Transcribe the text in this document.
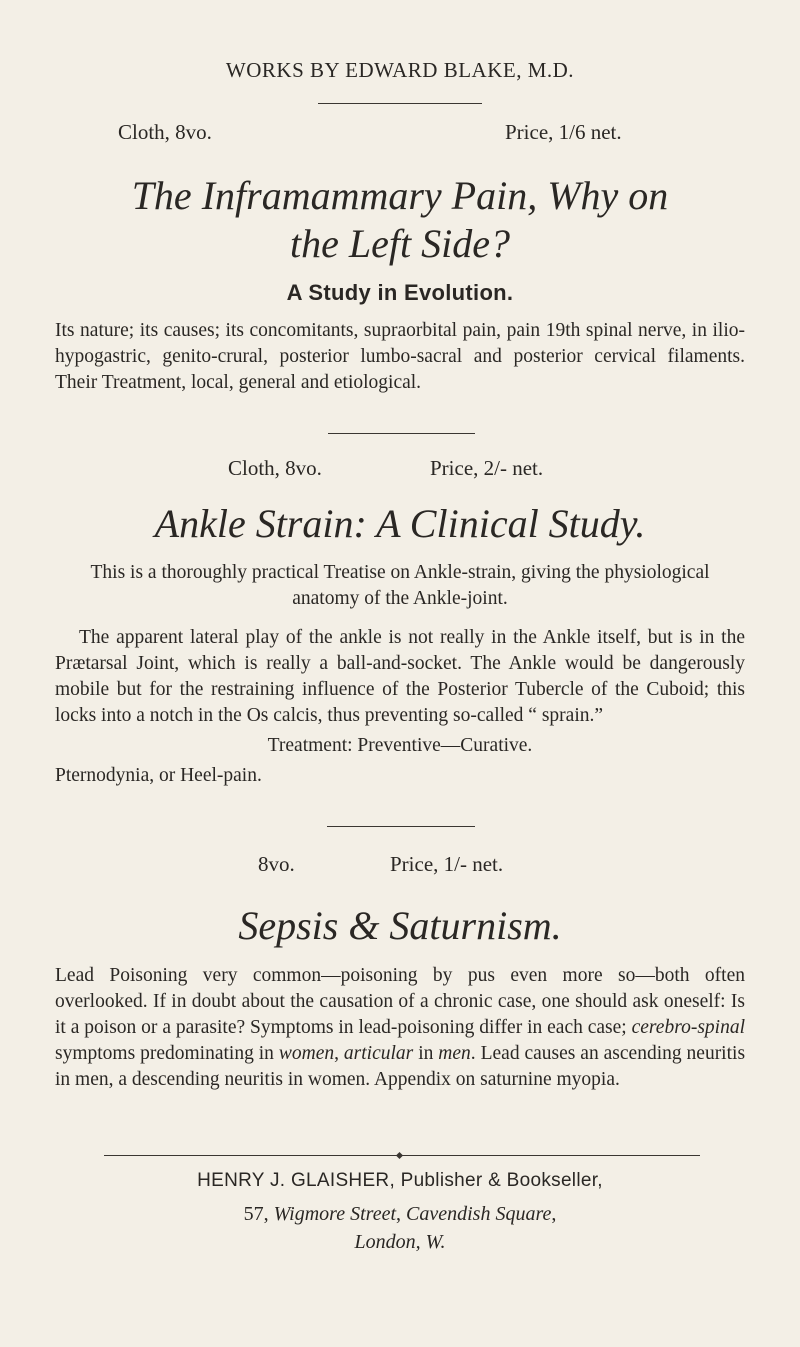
WORKS BY EDWARD BLAKE, M.D.
Cloth, 8vo.	Price, 1/6 net.
The Inframammary Pain, Why on
the Left Side?
A Study in Evolution.
Its nature; its causes; its concomitants, supraorbital pain, pain 19th spinal nerve, in ilio-hypogastric, genito-crural, posterior lumbo-sacral and posterior cervical filaments. Their Treatment, local, general and etiological.
Cloth, 8vo.	Price, 2/- net.
Ankle Strain: A Clinical Study.
This is a thoroughly practical Treatise on Ankle-strain, giving the physiological anatomy of the Ankle-joint.
The apparent lateral play of the ankle is not really in the Ankle itself, but is in the Prætarsal Joint, which is really a ball-and-socket. The Ankle would be dangerously mobile but for the restraining influence of the Posterior Tubercle of the Cuboid; this locks into a notch in the Os calcis, thus preventing so-called “ sprain.”
Treatment: Preventive—Curative.
Pternodynia, or Heel-pain.
8vo.	Price, 1/- net.
Sepsis & Saturnism.
Lead Poisoning very common—poisoning by pus even more so—both often overlooked. If in doubt about the causation of a chronic case, one should ask oneself: Is it a poison or a parasite? Symptoms in lead-poisoning differ in each case; cerebro-spinal symptoms predominating in women, articular in men. Lead causes an ascending neuritis in men, a descending neuritis in women. Appendix on saturnine myopia.
HENRY J. GLAISHER, Publisher & Bookseller,
57, Wigmore Street, Cavendish Square,
London, W.
